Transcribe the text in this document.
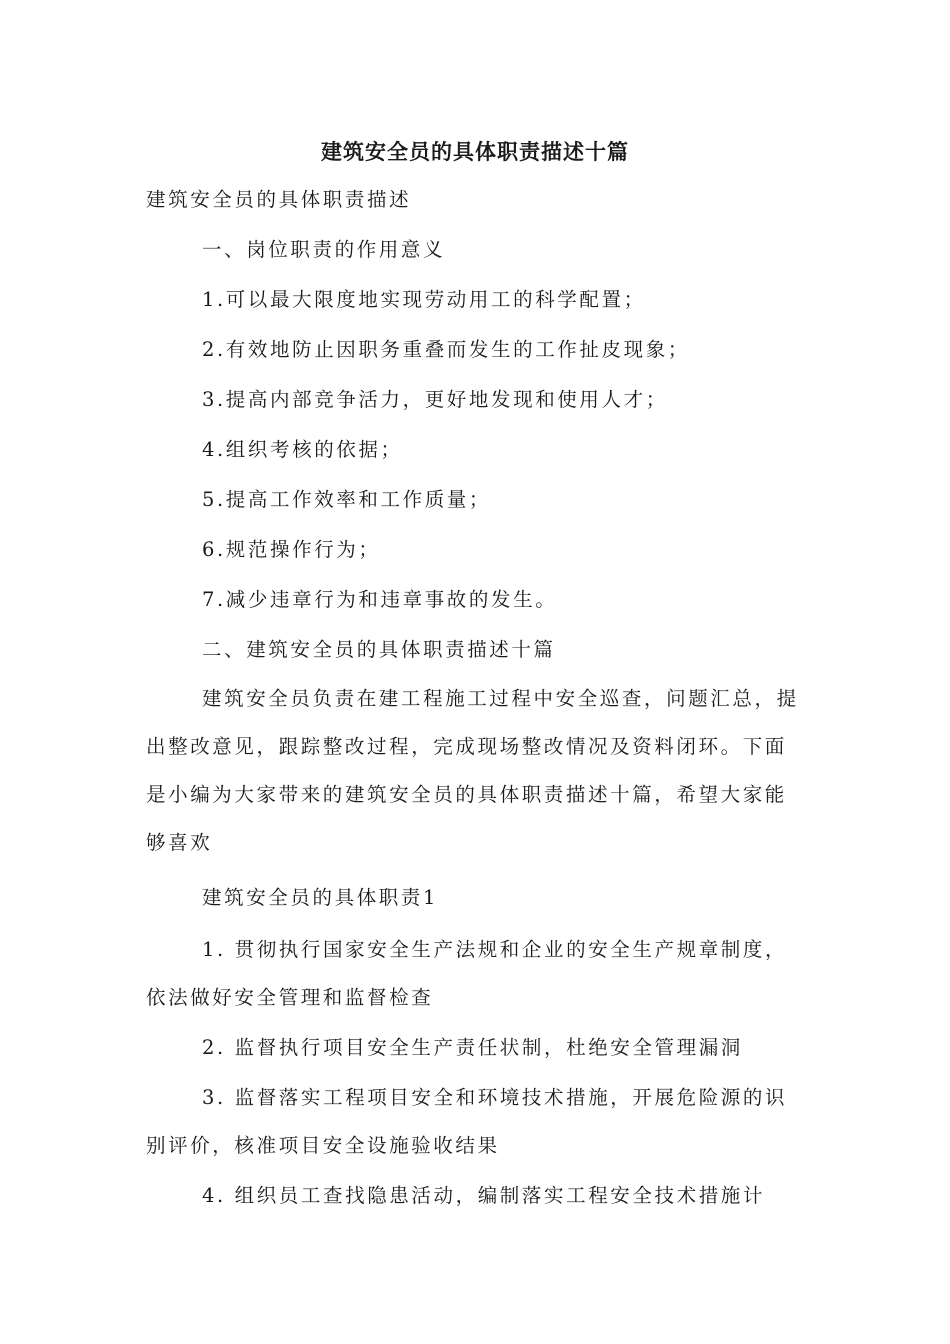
建筑安全员的具体职责描述十篇
建筑安全员的具体职责描述
一、岗位职责的作用意义
1.可以最大限度地实现劳动用工的科学配置；
2.有效地防止因职务重叠而发生的工作扯皮现象；
3.提高内部竞争活力，更好地发现和使用人才；
4.组织考核的依据；
5.提高工作效率和工作质量；
6.规范操作行为；
7.减少违章行为和违章事故的发生。
二、建筑安全员的具体职责描述十篇
建筑安全员负责在建工程施工过程中安全巡查，问题汇总，提出整改意见，跟踪整改过程，完成现场整改情况及资料闭环。下面是小编为大家带来的建筑安全员的具体职责描述十篇，希望大家能够喜欢
建筑安全员的具体职责1
1. 贯彻执行国家安全生产法规和企业的安全生产规章制度，依法做好安全管理和监督检查
2. 监督执行项目安全生产责任状制，杜绝安全管理漏洞
3. 监督落实工程项目安全和环境技术措施，开展危险源的识别评价，核准项目安全设施验收结果
4. 组织员工查找隐患活动，编制落实工程安全技术措施计
